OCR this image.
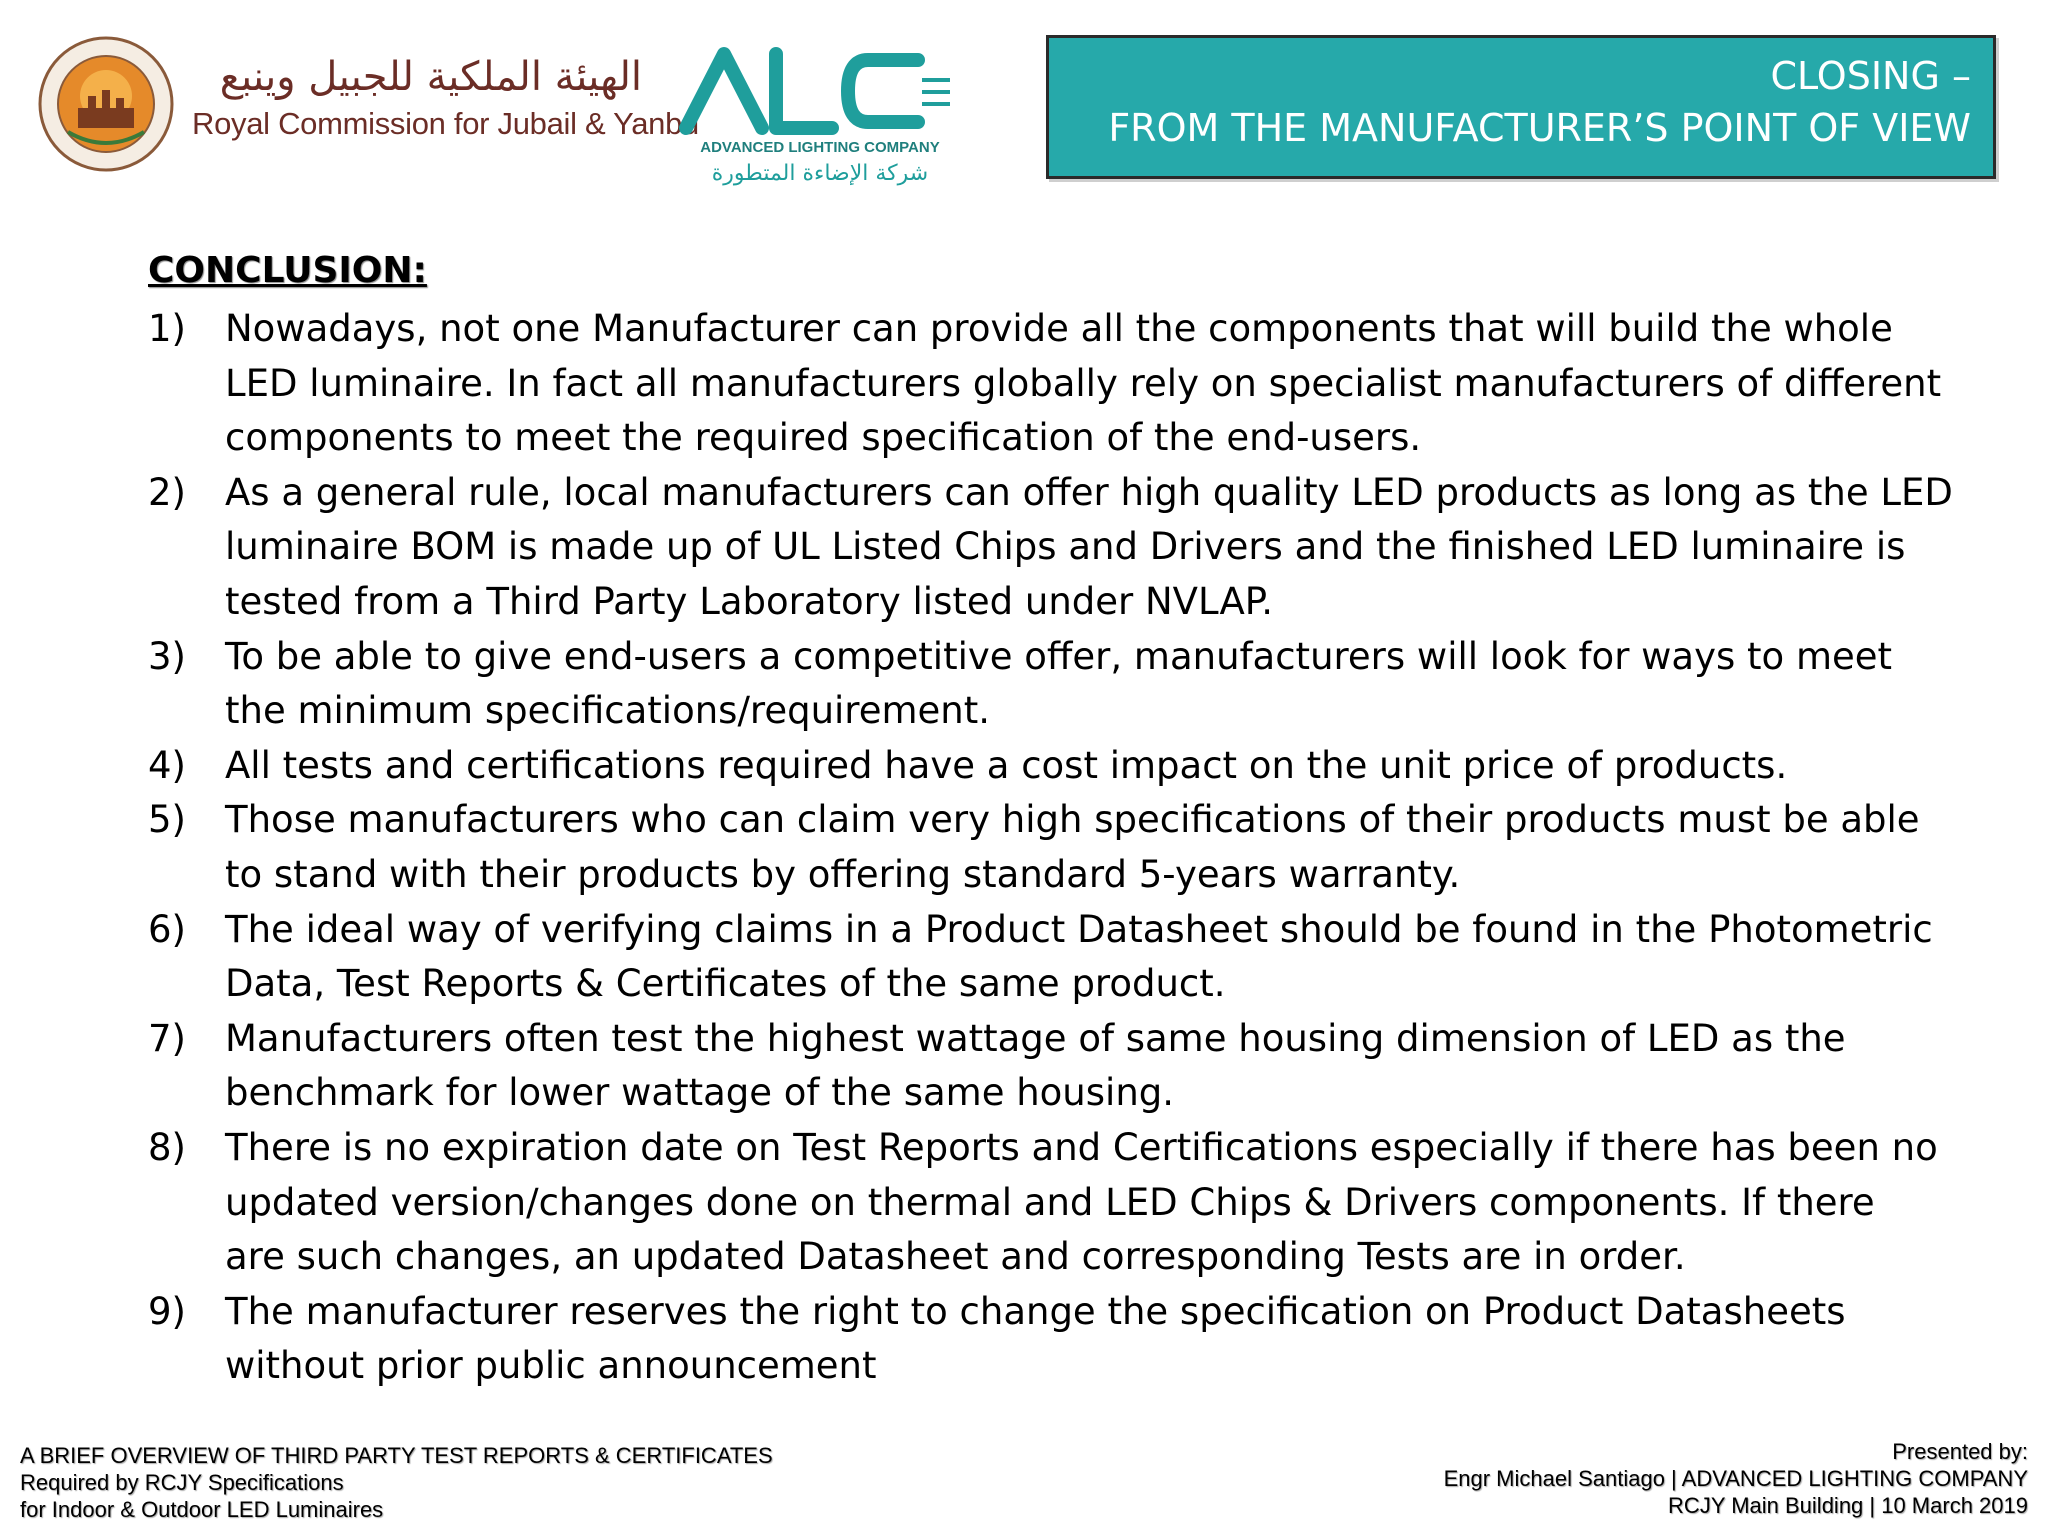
الهيئة الملكية للجبيل وينبع
Royal Commission for Jubail & Yanbu
ADVANCED LIGHTING COMPANY
شركة الإضاءة المتطورة
CLOSING –
FROM THE MANUFACTURER’S POINT OF VIEW
CONCLUSION:
1)	Nowadays, not one Manufacturer can provide all the components that will build the whole
LED luminaire. In fact all manufacturers globally rely on specialist manufacturers of different
components to meet the required specification of the end-users.
2)	As a general rule, local manufacturers can offer high quality LED products as long as the LED
luminaire BOM is made up of UL Listed Chips and Drivers and the finished LED luminaire is
tested from a Third Party Laboratory listed under NVLAP.
3)	To be able to give end-users a competitive offer, manufacturers will look for ways to meet
the minimum specifications/requirement.
4)	All tests and certifications required have a cost impact on the unit price of products.
5)	Those manufacturers who can claim very high specifications of their products must be able
to stand with their products by offering standard 5-years warranty.
6)	The ideal way of verifying claims in a Product Datasheet should be found in the Photometric
Data, Test Reports & Certificates of the same product.
7)	Manufacturers often test the highest wattage of same housing dimension of LED as the
benchmark for lower wattage of the same housing.
8)	There is no expiration date on Test Reports and Certifications especially if there has been no
updated version/changes done on thermal and LED Chips & Drivers components. If there
are such changes, an updated Datasheet and corresponding Tests are in order.
9)	The manufacturer reserves the right to change the specification on Product Datasheets
without prior public announcement
A BRIEF OVERVIEW OF THIRD PARTY TEST REPORTS & CERTIFICATES
Required by RCJY Specifications
for Indoor & Outdoor LED Luminaires
Presented by:
Engr Michael Santiago | ADVANCED LIGHTING COMPANY
RCJY Main Building | 10 March 2019
